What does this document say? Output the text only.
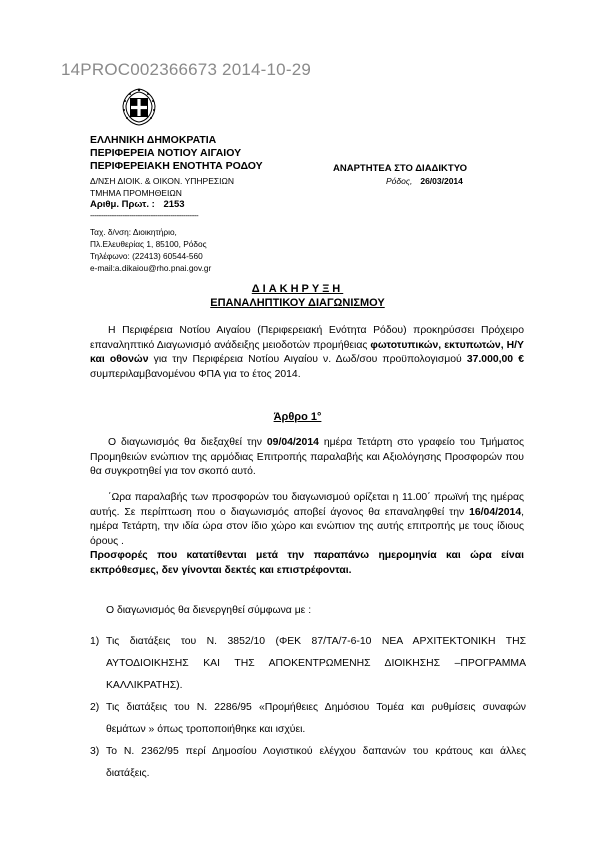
14PROC002366673 2014-10-29
ΕΛΛΗΝΙΚΗ ΔΗΜΟΚΡΑΤΙΑ
ΠΕΡΙΦΕΡΕΙΑ ΝΟΤΙΟΥ ΑΙΓΑΙΟΥ
ΠΕΡΙΦΕΡΕΙΑΚΗ ΕΝΟΤΗΤΑ ΡΟΔΟΥ
Δ/ΝΣΗ ΔΙΟΙΚ. & ΟΙΚΟΝ. ΥΠΗΡΕΣΙΩΝ
ΤΜΗΜΑ ΠΡΟΜΗΘΕΙΩΝ
Αριθμ. Πρωτ. : 2153
ΑΝΑΡΤΗΤΕΑ ΣΤΟ ΔΙΑΔΙΚΤΥΟ
Ρόδος, 26/03/2014
--------------------------------------------------
Ταχ. δ/νση: Διοικητήριο,
Πλ.Ελευθερίας 1, 85100, Ρόδος
Τηλέφωνο: (22413) 60544-560
e-mail:a.dikaiou@rho.pnai.gov.gr
ΔΙΑΚΗΡΥΞΗ
ΕΠΑΝΑΛΗΠΤΙΚΟΥ ΔΙΑΓΩΝΙΣΜΟΥ
Η Περιφέρεια Νοτίου Αιγαίου (Περιφερειακή Ενότητα Ρόδου) προκηρύσσει Πρόχειρο επαναληπτικό Διαγωνισμό ανάδειξης μειοδοτών προμήθειας φωτοτυπικών, εκτυπωτών, Η/Υ και οθονών για την Περιφέρεια Νοτίου Αιγαίου ν. Δωδ/σου προϋπολογισμού 37.000,00 € συμπεριλαμβανομένου ΦΠΑ για το έτος 2014.
Άρθρο 1°
Ο διαγωνισμός θα διεξαχθεί την 09/04/2014 ημέρα Τετάρτη στο γραφείο του Τμήματος Προμηθειών ενώπιον της αρμόδιας Επιτροπής παραλαβής και Αξιολόγησης Προσφορών που θα συγκροτηθεί για τον σκοπό αυτό.
΄Ωρα παραλαβής των προσφορών του διαγωνισμού ορίζεται η 11.00΄ πρωϊνή της ημέρας αυτής. Σε περίπτωση που ο διαγωνισμός αποβεί άγονος θα επαναληφθεί την 16/04/2014, ημέρα Τετάρτη, την ιδία ώρα στον ίδιο χώρο και ενώπιον της αυτής επιτροπής με τους ίδιους όρους .
Προσφορές που κατατίθενται μετά την παραπάνω ημερομηνία και ώρα είναι εκπρόθεσμες, δεν γίνονται δεκτές και επιστρέφονται.
Ο διαγωνισμός θα διενεργηθεί σύμφωνα με :
1) Τις διατάξεις του Ν. 3852/10 (ΦΕΚ 87/ΤΑ/7-6-10 ΝΕΑ ΑΡΧΙΤΕΚΤΟΝΙΚΗ ΤΗΣ ΑΥΤΟΔΙΟΙΚΗΣΗΣ ΚΑΙ ΤΗΣ ΑΠΟΚΕΝΤΡΩΜΕΝΗΣ ΔΙΟΙΚΗΣΗΣ –ΠΡΟΓΡΑΜΜΑ ΚΑΛΛΙΚΡΑΤΗΣ).
2) Τις διατάξεις του Ν. 2286/95 «Προμήθειες Δημόσιου Τομέα και ρυθμίσεις συναφών θεμάτων » όπως τροποποιήθηκε και ισχύει.
3) Το Ν. 2362/95 περί Δημοσίου Λογιστικού ελέγχου δαπανών του κράτους και άλλες διατάξεις.
